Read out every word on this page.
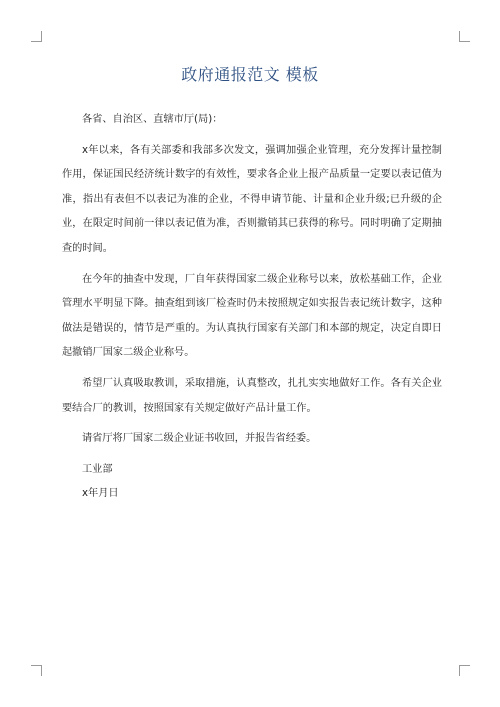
政府通报范文 模板

各省、自治区、直辖市厅(局)：

x年以来，各有关部委和我部多次发文，强调加强企业管理，充分发挥计量控制作用，保证国民经济统计数字的有效性，要求各企业上报产品质量一定要以表记值为准，指出有表但不以表记为准的企业，不得申请节能、计量和企业升级;已升级的企业，在限定时间前一律以表记值为准，否则撤销其已获得的称号。同时明确了定期抽查的时间。

在今年的抽查中发现，厂自年获得国家二级企业称号以来，放松基础工作，企业管理水平明显下降。抽查组到该厂检查时仍未按照规定如实报告表记统计数字，这种做法是错误的，情节是严重的。为认真执行国家有关部门和本部的规定，决定自即日起撤销厂国家二级企业称号。

希望厂认真吸取教训，采取措施，认真整改，扎扎实实地做好工作。各有关企业要结合厂的教训，按照国家有关规定做好产品计量工作。

请省厅将厂国家二级企业证书收回，并报告省经委。

工业部

x年月日
